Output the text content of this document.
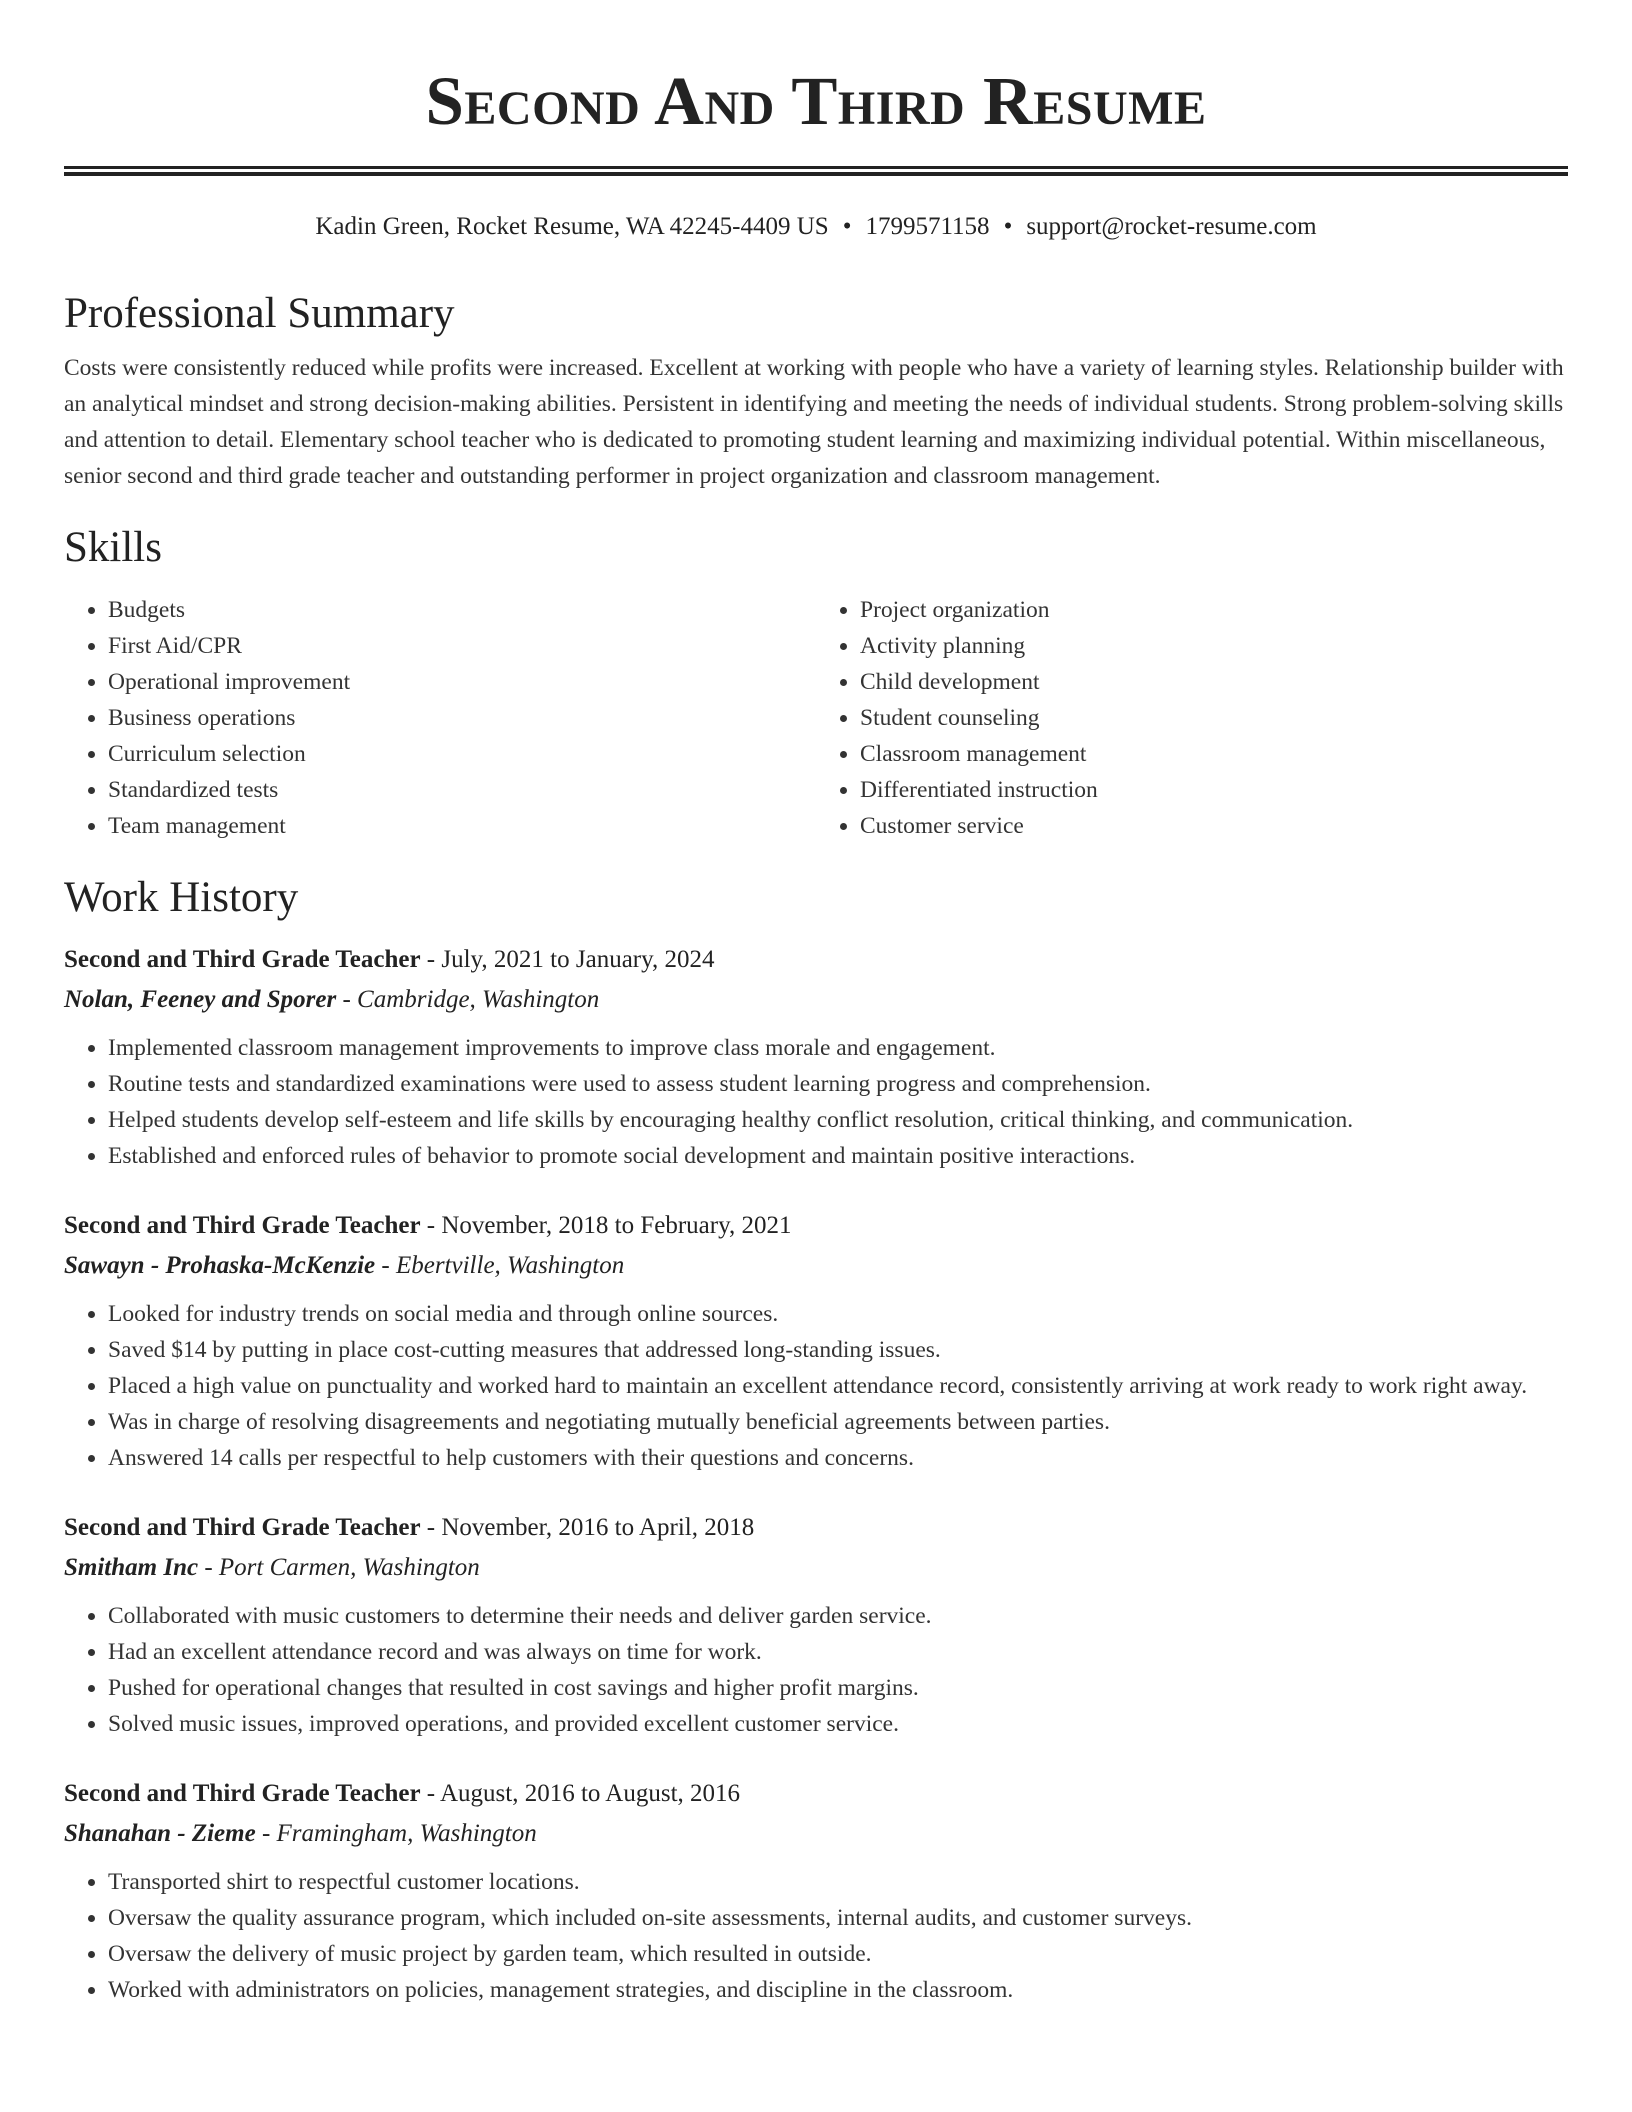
Second And Third Resume
Kadin Green, Rocket Resume, WA 42245-4409 US • 1799571158 • support@rocket-resume.com
Professional Summary

Costs were consistently reduced while profits were increased. Excellent at working with people who have a variety of learning styles. Relationship builder with an analytical mindset and strong decision-making abilities. Persistent in identifying and meeting the needs of individual students. Strong problem-solving skills and attention to detail. Elementary school teacher who is dedicated to promoting student learning and maximizing individual potential. Within miscellaneous, senior second and third grade teacher and outstanding performer in project organization and classroom management.

Skills
• Budgets
• First Aid/CPR
• Operational improvement
• Business operations
• Curriculum selection
• Standardized tests
• Team management
• Project organization
• Activity planning
• Child development
• Student counseling
• Classroom management
• Differentiated instruction
• Customer service
Work History
Second and Third Grade Teacher - July, 2021 to January, 2024
Nolan, Feeney and Sporer - Cambridge, Washington
• Implemented classroom management improvements to improve class morale and engagement.
• Routine tests and standardized examinations were used to assess student learning progress and comprehension.
• Helped students develop self-esteem and life skills by encouraging healthy conflict resolution, critical thinking, and communication.
• Established and enforced rules of behavior to promote social development and maintain positive interactions.
Second and Third Grade Teacher - November, 2018 to February, 2021
Sawayn - Prohaska-McKenzie - Ebertville, Washington
• Looked for industry trends on social media and through online sources.
• Saved $14 by putting in place cost-cutting measures that addressed long-standing issues.
• Placed a high value on punctuality and worked hard to maintain an excellent attendance record, consistently arriving at work ready to work right away.
• Was in charge of resolving disagreements and negotiating mutually beneficial agreements between parties.
• Answered 14 calls per respectful to help customers with their questions and concerns.
Second and Third Grade Teacher - November, 2016 to April, 2018
Smitham Inc - Port Carmen, Washington
• Collaborated with music customers to determine their needs and deliver garden service.
• Had an excellent attendance record and was always on time for work.
• Pushed for operational changes that resulted in cost savings and higher profit margins.
• Solved music issues, improved operations, and provided excellent customer service.
Second and Third Grade Teacher - August, 2016 to August, 2016
Shanahan - Zieme - Framingham, Washington
• Transported shirt to respectful customer locations.
• Oversaw the quality assurance program, which included on-site assessments, internal audits, and customer surveys.
• Oversaw the delivery of music project by garden team, which resulted in outside.
• Worked with administrators on policies, management strategies, and discipline in the classroom.
